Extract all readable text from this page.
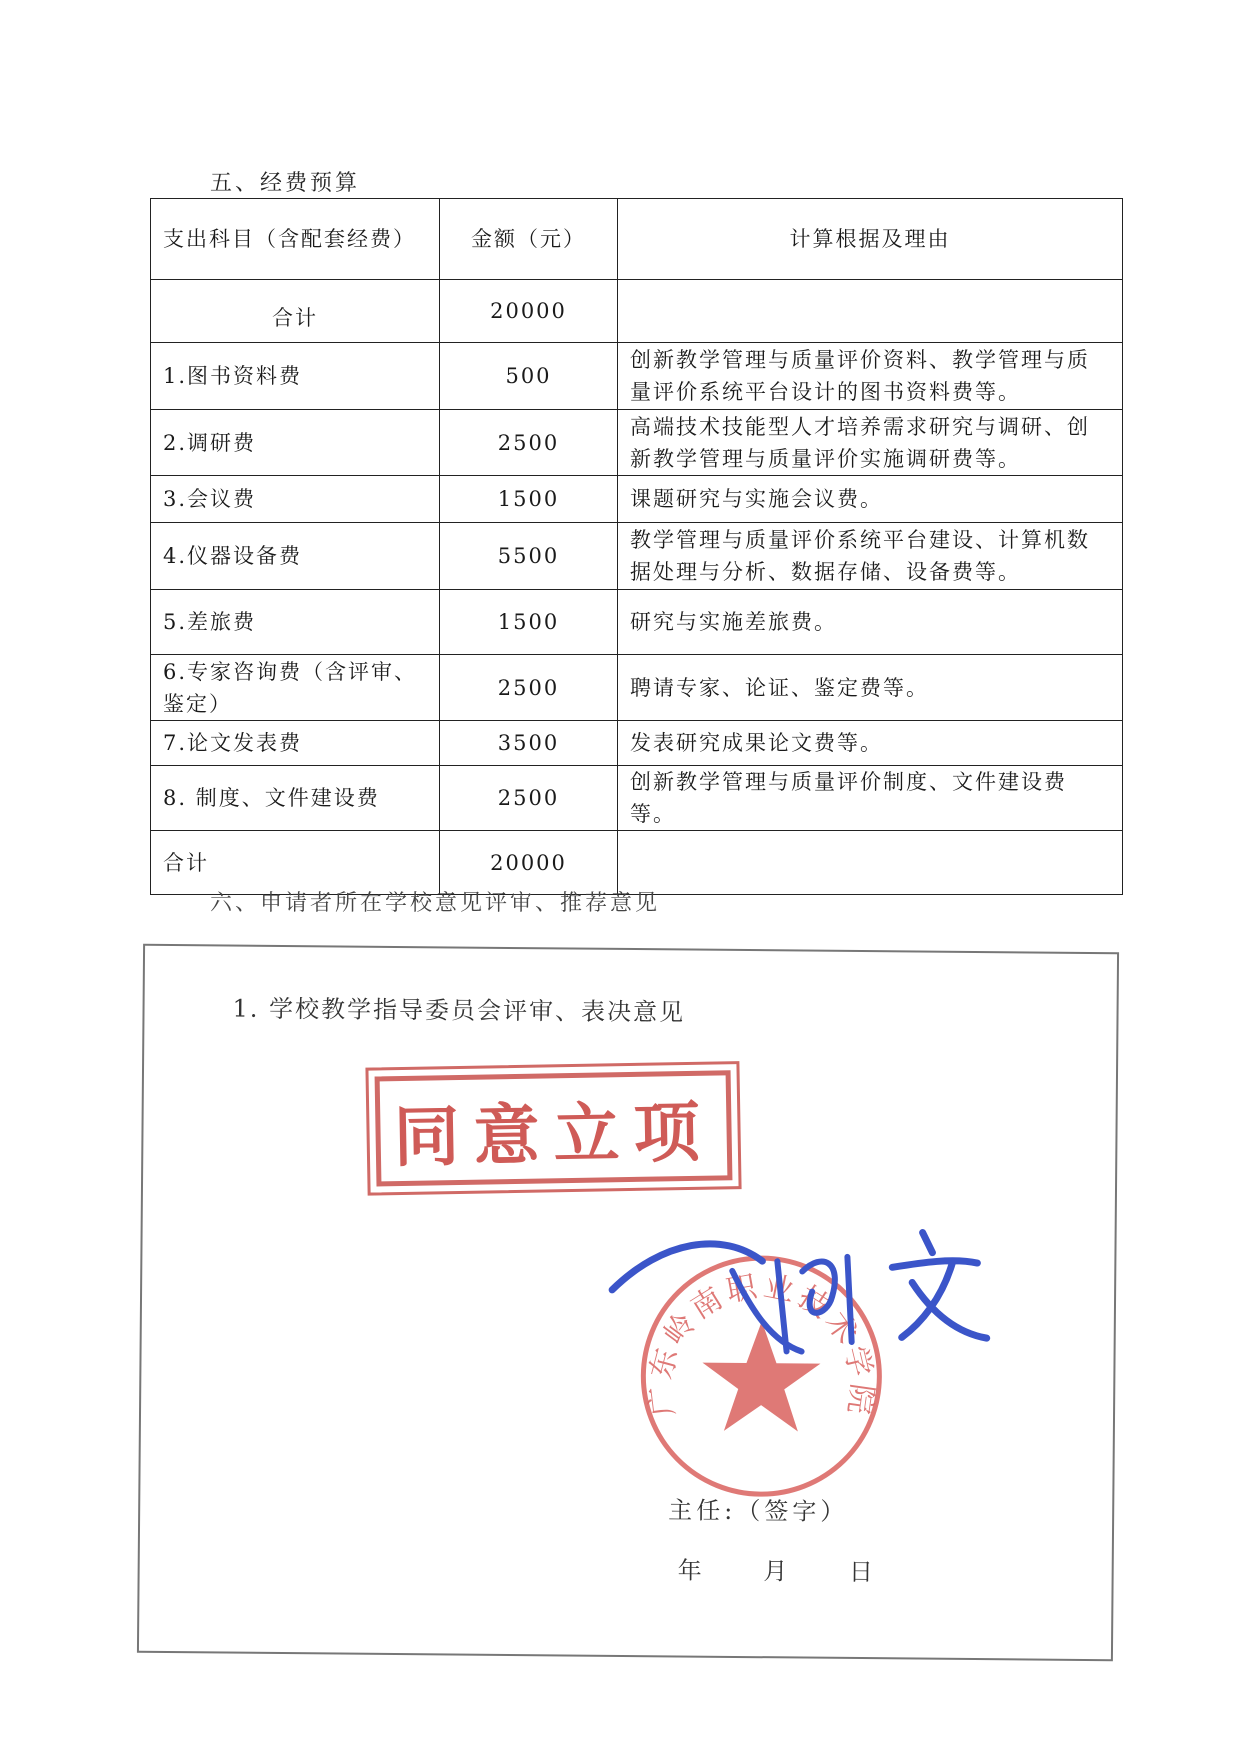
五、经费预算
支出科目（含配套经费）	金额（元）	计算根据及理由
合计	20000	
1.图书资料费	500	创新教学管理与质量评价资料、教学管理与质量评价系统平台设计的图书资料费等。
2.调研费	2500	高端技术技能型人才培养需求研究与调研、创新教学管理与质量评价实施调研费等。
3.会议费	1500	课题研究与实施会议费。
4.仪器设备费	5500	教学管理与质量评价系统平台建设、计算机数据处理与分析、数据存储、设备费等。
5.差旅费	1500	研究与实施差旅费。
6.专家咨询费（含评审、鉴定）	2500	聘请专家、论证、鉴定费等。
7.论文发表费	3500	发表研究成果论文费等。
8. 制度、文件建设费	2500	创新教学管理与质量评价制度、文件建设费等。
合计	20000	
六、申请者所在学校意见评审、推荐意见
1. 学校教学指导委员会评审、表决意见
同意立项
广东岭南职业技术学院
主任:（签字）
年	月	日
